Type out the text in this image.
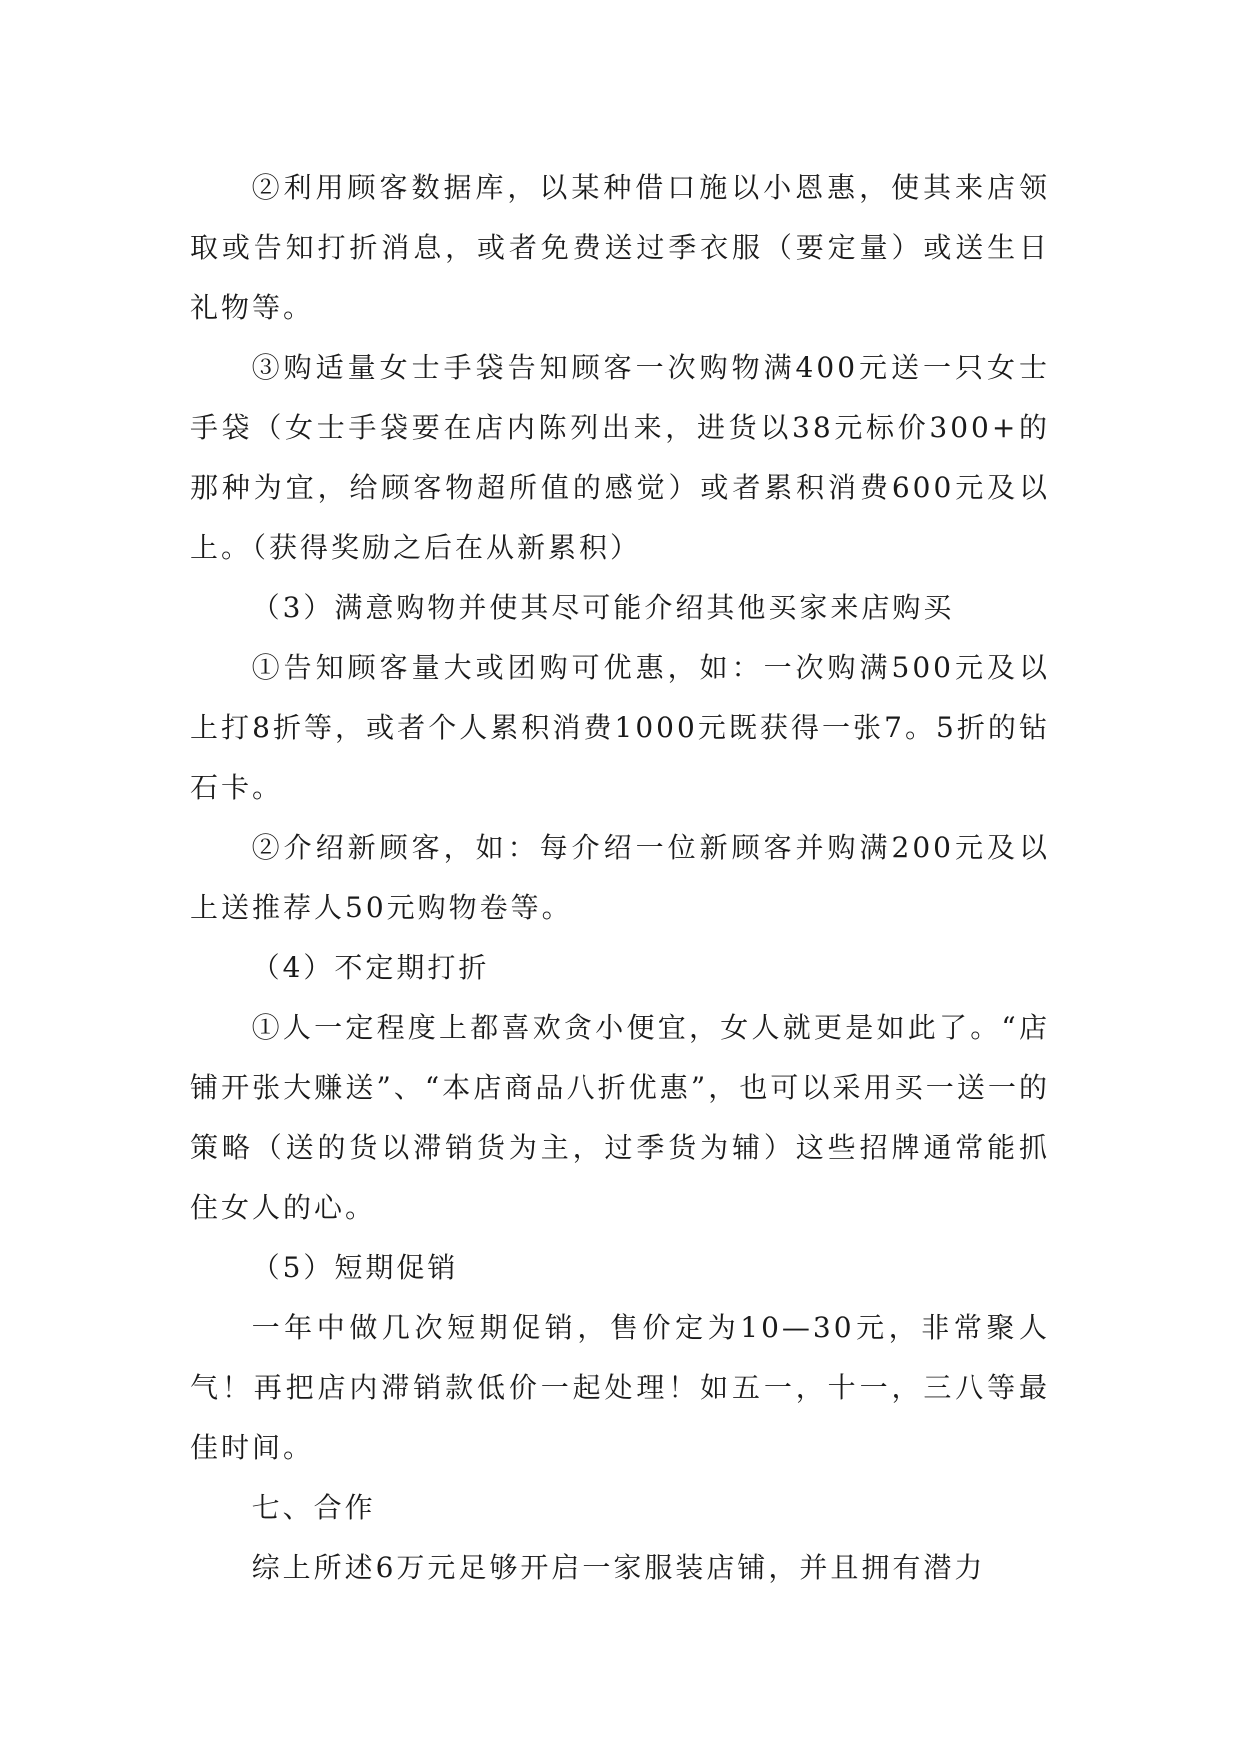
②利用顾客数据库，以某种借口施以小恩惠，使其来店领取或告知打折消息，或者免费送过季衣服（要定量）或送生日礼物等。

③购适量女士手袋告知顾客一次购物满400元送一只女士手袋（女士手袋要在店内陈列出来，进货以38元标价300+的那种为宜，给顾客物超所值的感觉）或者累积消费600元及以上。（获得奖励之后在从新累积）

（3）满意购物并使其尽可能介绍其他买家来店购买

①告知顾客量大或团购可优惠，如：一次购满500元及以上打8折等，或者个人累积消费1000元既获得一张7。5折的钻石卡。

②介绍新顾客，如：每介绍一位新顾客并购满200元及以上送推荐人50元购物卷等。

（4）不定期打折

①人一定程度上都喜欢贪小便宜，女人就更是如此了。“店铺开张大赚送”、“本店商品八折优惠”，也可以采用买一送一的策略（送的货以滞销货为主，过季货为辅）这些招牌通常能抓住女人的心。

（5）短期促销

一年中做几次短期促销，售价定为10—30元，非常聚人气！再把店内滞销款低价一起处理！如五一，十一，三八等最佳时间。

七、合作

综上所述6万元足够开启一家服装店铺，并且拥有潜力
